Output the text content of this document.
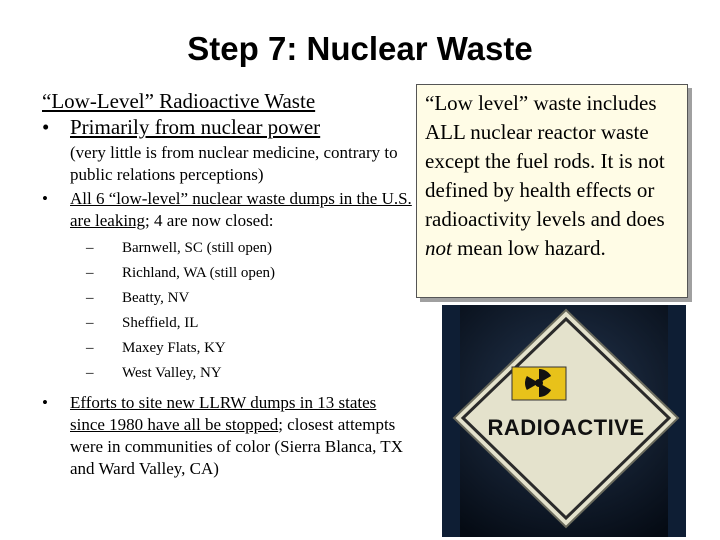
Step 7: Nuclear Waste
“Low-Level” Radioactive Waste
• Primarily from nuclear power
(very little is from nuclear medicine, contrary to public relations perceptions)
• All 6 “low-level” nuclear waste dumps in the U.S. are leaking; 4 are now closed:
– Barnwell, SC (still open)
– Richland, WA (still open)
– Beatty, NV
– Sheffield, IL
– Maxey Flats, KY
– West Valley, NY
• Efforts to site new LLRW dumps in 13 states since 1980 have all be stopped; closest attempts were in communities of color (Sierra Blanca, TX and Ward Valley, CA)
“Low level” waste includes ALL nuclear reactor waste except the fuel rods. It is not defined by health effects or radioactivity levels and does not mean low hazard.
RADIOACTIVE
